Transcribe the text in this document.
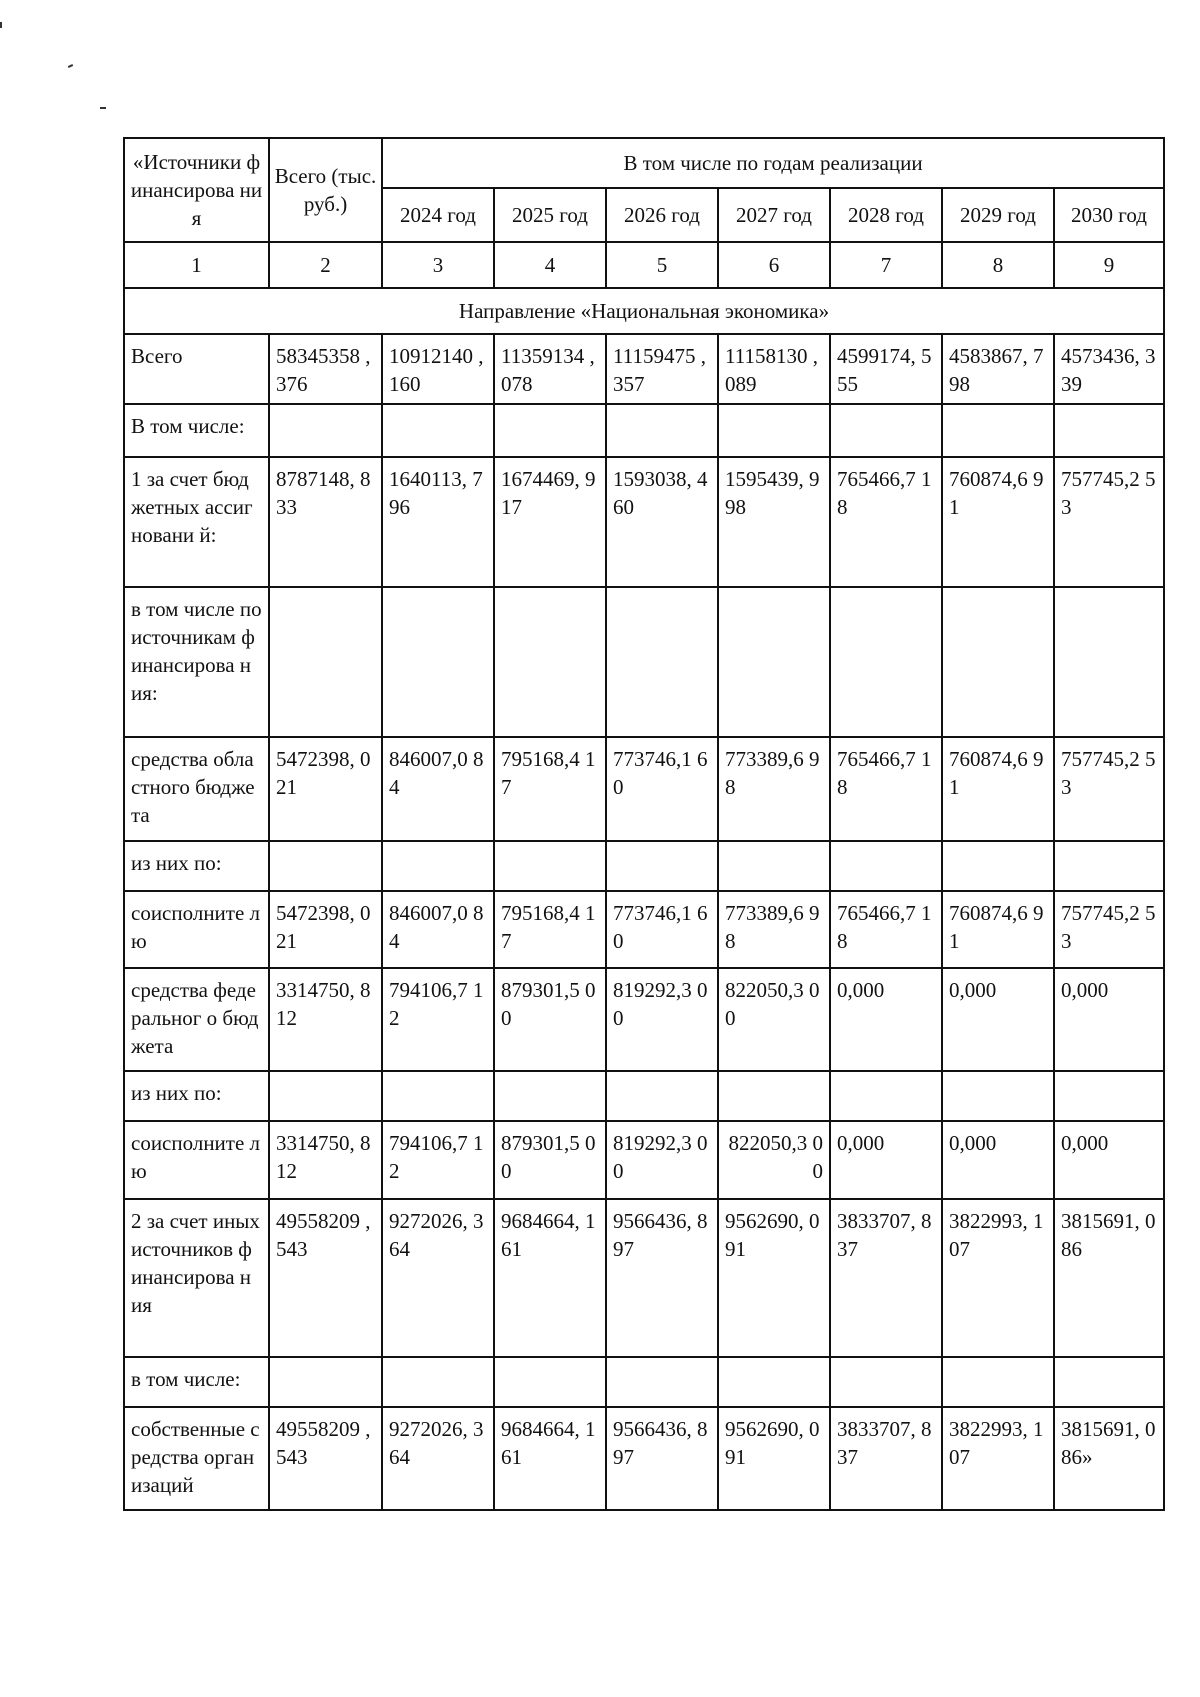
«Источники финансирова ния	Всего (тыс. руб.)	В том числе по годам реализации						
		2024 год	2025 год	2026 год	2027 год	2028 год	2029 год	2030 год
1	2	3	4	5	6	7	8	9
Направление «Национальная экономика»								
Всего	58345358 ,376	10912140 ,160	11359134 ,078	11159475 ,357	11158130 ,089	4599174, 555	4583867, 798	4573436, 339
В том числе:								
1 за счет бюджетных ассигновани й:	8787148, 833	1640113, 796	1674469, 917	1593038, 460	1595439, 998	765466,7 18	760874,6 91	757745,2 53
в том числе по источникам финансирова ния:								
средства областного бюджета	5472398, 021	846007,0 84	795168,4 17	773746,1 60	773389,6 98	765466,7 18	760874,6 91	757745,2 53
из них по:								
соисполните лю	5472398, 021	846007,0 84	795168,4 17	773746,1 60	773389,6 98	765466,7 18	760874,6 91	757745,2 53
средства федеральног о бюджета	3314750, 812	794106,7 12	879301,5 00	819292,3 00	822050,3 00	0,000	0,000	0,000
из них по:								
соисполните лю	3314750, 812	794106,7 12	879301,5 00	819292,3 00	822050,3 00	0,000	0,000	0,000
2 за счет иных источников финансирова ния	49558209 ,543	9272026, 364	9684664, 161	9566436, 897	9562690, 091	3833707, 837	3822993, 107	3815691, 086
в том числе:								
собственные средства организаций	49558209 ,543	9272026, 364	9684664, 161	9566436, 897	9562690, 091	3833707, 837	3822993, 107	3815691, 086»
